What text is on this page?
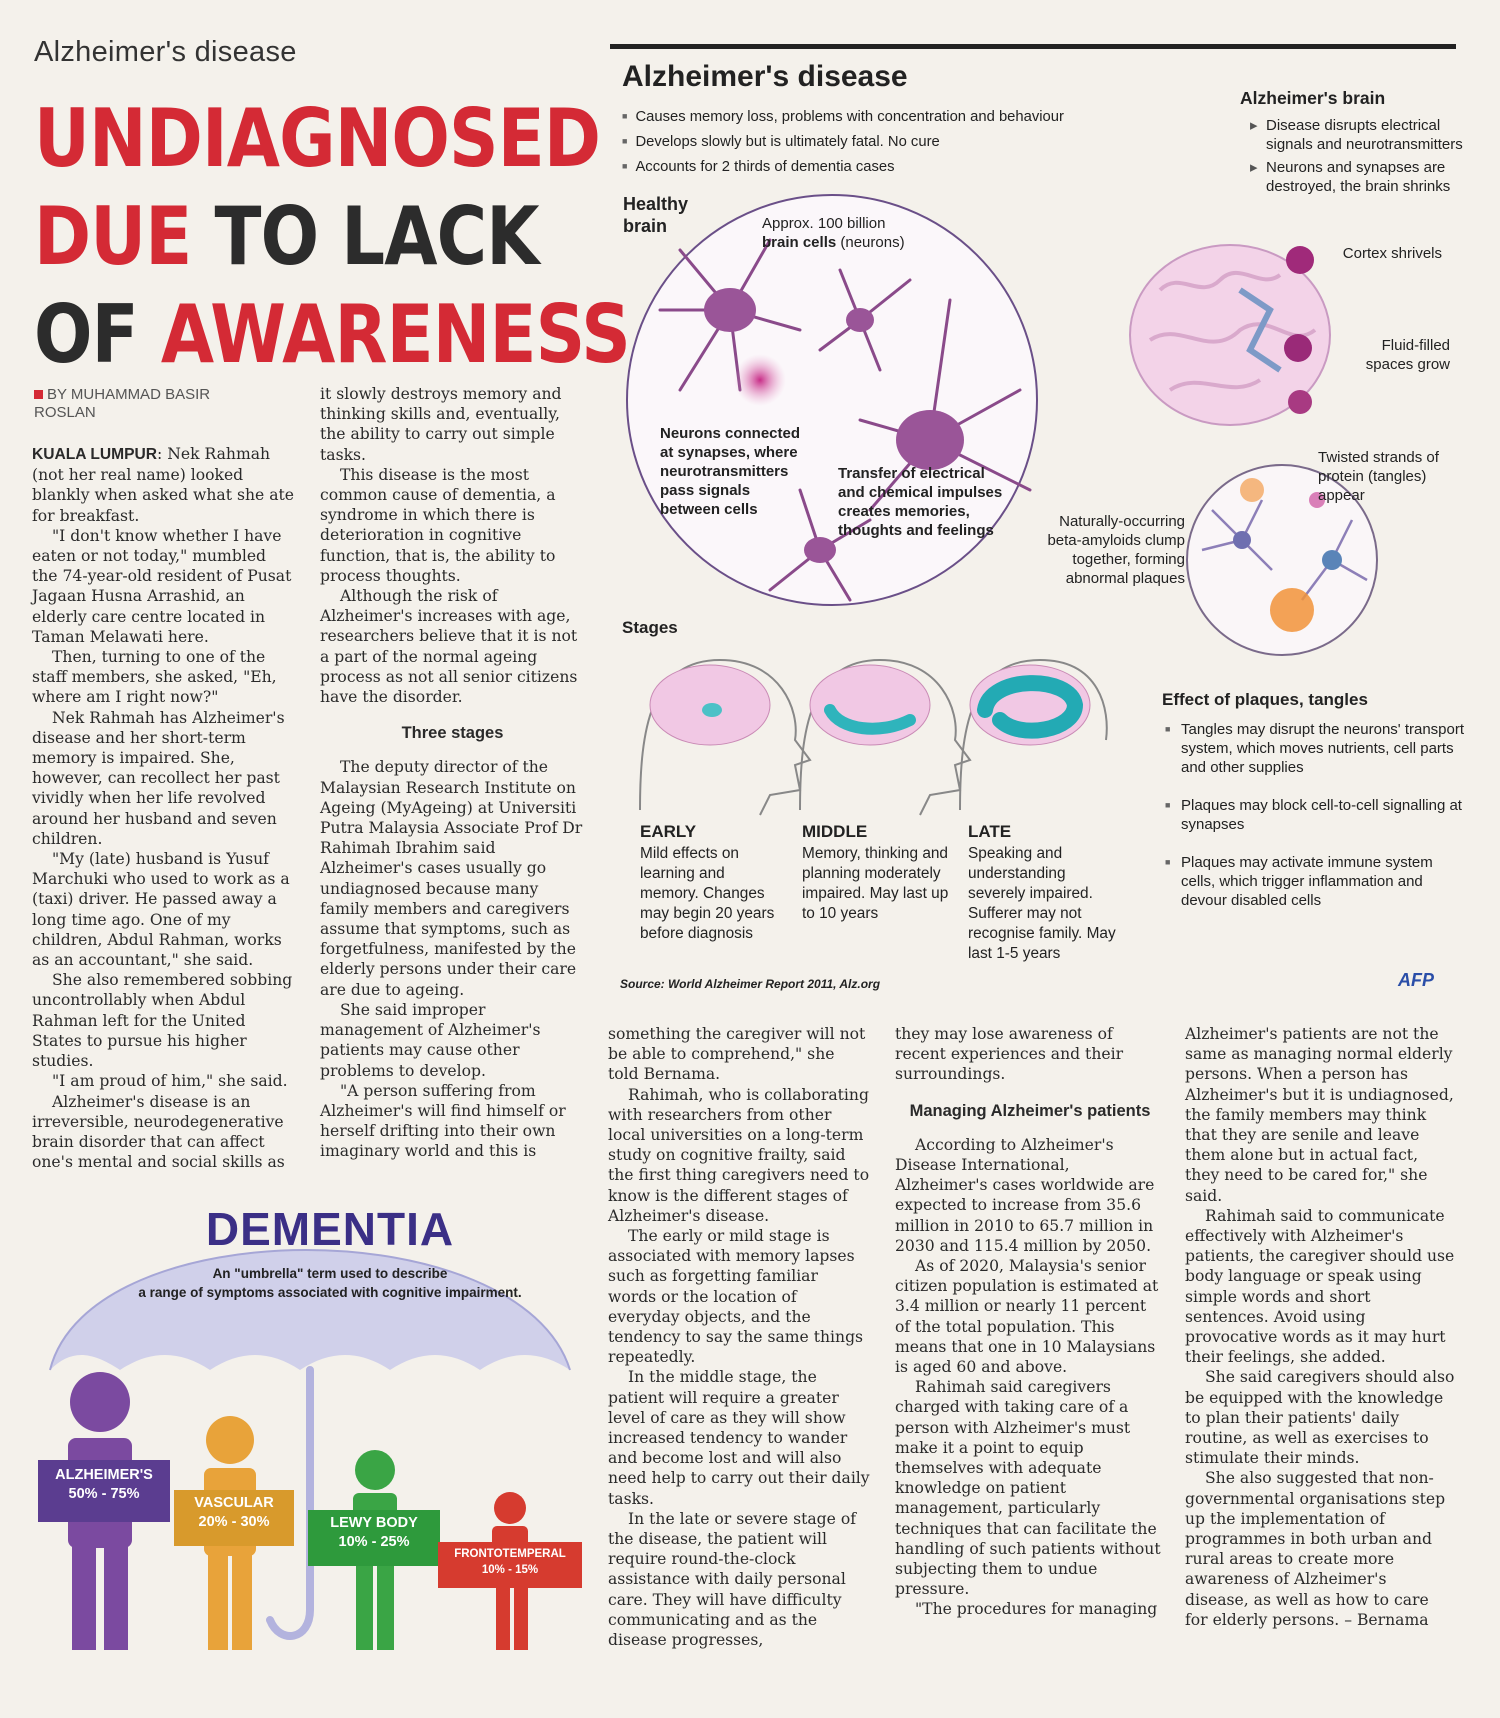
Alzheimer's disease
UNDIAGNOSED
DUE TO LACK
OF AWARENESS
BY MUHAMMAD BASIR ROSLAN

KUALA LUMPUR: Nek Rahmah (not her real name) looked blankly when asked what she ate for breakfast.

"I don't know whether I have eaten or not today," mumbled the 74-year-old resident of Pusat Jagaan Husna Arrashid, an elderly care centre located in Taman Melawati here.

Then, turning to one of the staff members, she asked, "Eh, where am I right now?"

Nek Rahmah has Alzheimer's disease and her short-term memory is impaired. She, however, can recollect her past vividly when her life revolved around her husband and seven children.

"My (late) husband is Yusuf Marchuki who used to work as a (taxi) driver. He passed away a long time ago. One of my children, Abdul Rahman, works as an accountant," she said.

She also remembered sobbing uncontrollably when Abdul Rahman left for the United States to pursue his higher studies.

"I am proud of him," she said.

Alzheimer's disease is an irreversible, neurodegenerative brain disorder that can affect one's mental and social skills as

it slowly destroys memory and thinking skills and, eventually, the ability to carry out simple tasks.

This disease is the most common cause of dementia, a syndrome in which there is deterioration in cognitive function, that is, the ability to process thoughts.

Although the risk of Alzheimer's increases with age, researchers believe that it is not a part of the normal ageing process as not all senior citizens have the disorder.

Three stages

The deputy director of the Malaysian Research Institute on Ageing (MyAgeing) at Universiti Putra Malaysia Associate Prof Dr Rahimah Ibrahim said Alzheimer's cases usually go undiagnosed because many family members and caregivers assume that symptoms, such as forgetfulness, manifested by the elderly persons under their care are due to ageing.

She said improper management of Alzheimer's patients may cause other problems to develop.

"A person suffering from Alzheimer's will find himself or herself drifting into their own imaginary world and this is

something the caregiver will not be able to comprehend," she told Bernama.

Rahimah, who is collaborating with researchers from other local universities on a long-term study on cognitive frailty, said the first thing caregivers need to know is the different stages of Alzheimer's disease.

The early or mild stage is associated with memory lapses such as forgetting familiar words or the location of everyday objects, and the tendency to say the same things repeatedly.

In the middle stage, the patient will require a greater level of care as they will show increased tendency to wander and become lost and will also need help to carry out their daily tasks.

In the late or severe stage of the disease, the patient will require round-the-clock assistance with daily personal care. They will have difficulty communicating and as the disease progresses,

they may lose awareness of recent experiences and their surroundings.

Managing Alzheimer's patients

According to Alzheimer's Disease International, Alzheimer's cases worldwide are expected to increase from 35.6 million in 2010 to 65.7 million in 2030 and 115.4 million by 2050.

As of 2020, Malaysia's senior citizen population is estimated at 3.4 million or nearly 11 percent of the total population. This means that one in 10 Malaysians is aged 60 and above.

Rahimah said caregivers charged with taking care of a person with Alzheimer's must make it a point to equip themselves with adequate knowledge on patient management, particularly techniques that can facilitate the handling of such patients without subjecting them to undue pressure.

"The procedures for managing

Alzheimer's patients are not the same as managing normal elderly persons. When a person has Alzheimer's but it is undiagnosed, the family members may think that they are senile and leave them alone but in actual fact, they need to be cared for," she said.

Rahimah said to communicate effectively with Alzheimer's patients, the caregiver should use body language or speak using simple words and short sentences. Avoid using provocative words as it may hurt their feelings, she added.

She said caregivers should also be equipped with the knowledge to plan their patients' daily routine, as well as exercises to stimulate their minds.

She also suggested that non-governmental organisations step up the implementation of programmes in both urban and rural areas to create more awareness of Alzheimer's disease, as well as how to care for elderly persons. – Bernama

Alzheimer's disease
■ Causes memory loss, problems with concentration and behaviour
■ Develops slowly but is ultimately fatal. No cure
■ Accounts for 2 thirds of dementia cases
Healthy brain	Approx. 100 billion
brain cells (neurons)
Neurons connected at synapses, where neurotransmitters pass signals between cells
Transfer of electrical and chemical impulses creates memories, thoughts and feelings
Stages
EARLY
Mild effects on learning and memory. Changes may begin 20 years before diagnosis
MIDDLE
Memory, thinking and planning moderately impaired. May last up to 10 years
LATE
Speaking and understanding severely impaired. Sufferer may not recognise family. May last 1-5 years
Source: World Alzheimer Report 2011, Alz.org	AFP
Alzheimer's brain
▸ Disease disrupts electrical signals and neurotransmitters
▸ Neurons and synapses are destroyed, the brain shrinks
Cortex shrivels
Fluid-filled spaces grow
Twisted strands of protein (tangles) appear
Naturally-occurring beta-amyloids clump together, forming abnormal plaques
Effect of plaques, tangles
■ Tangles may disrupt the neurons' transport system, which moves nutrients, cell parts and other supplies
■ Plaques may block cell-to-cell signalling at synapses
■ Plaques may activate immune system cells, which trigger inflammation and devour disabled cells
DEMENTIA
An "umbrella" term used to describe
a range of symptoms associated with cognitive impairment.
ALZHEIMER'S
50% - 75%
VASCULAR
20% - 30%	LEWY BODY
10% - 25%
FRONTOTEMPERAL
10% - 15%
